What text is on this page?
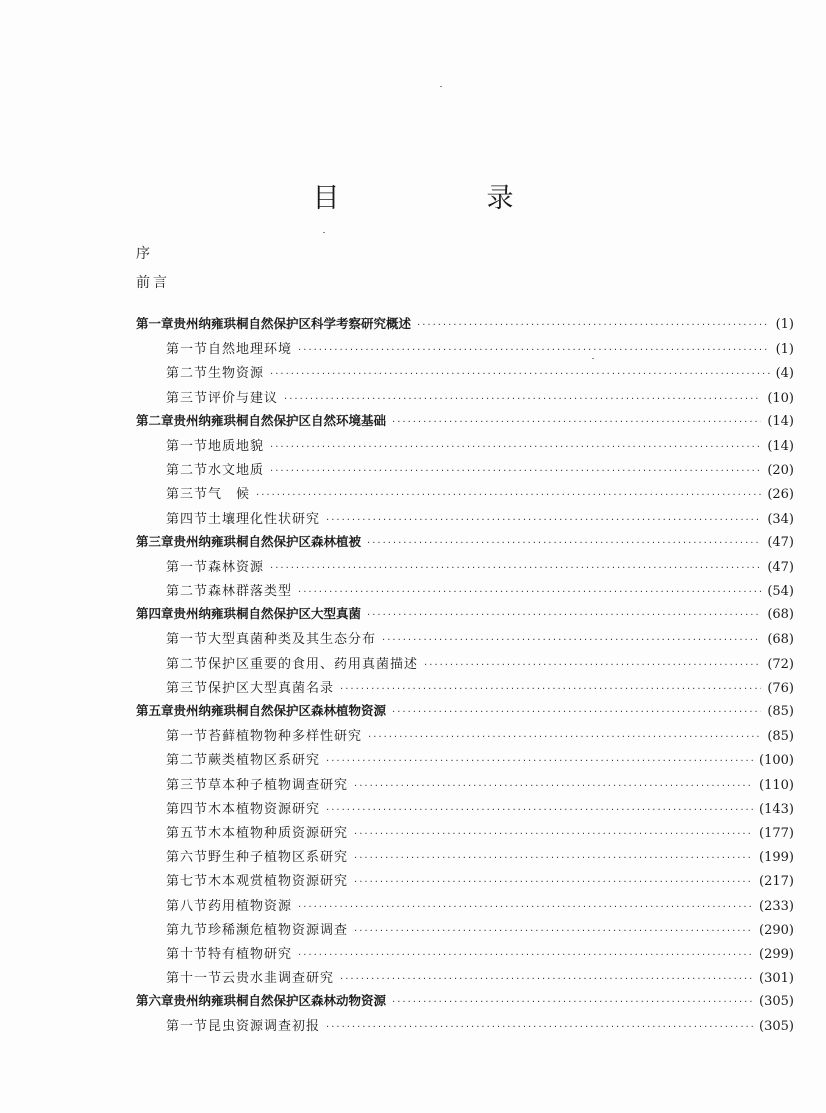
目　录
序
前言
第一章 贵州纳雍珙桐自然保护区科学考察研究概述 ·····	(1)
第一节 自然地理环境 ·····	(1)
第二节 生物资源 ·····	(4)
第三节 评价与建议 ·····	(10)
第二章 贵州纳雍珙桐自然保护区自然环境基础 ·····	(14)
第一节 地质地貌 ·····	(14)
第二节 水文地质 ·····	(20)
第三节 气　候 ·····	(26)
第四节 土壤理化性状研究 ·····	(34)
第三章 贵州纳雍珙桐自然保护区森林植被 ·····	(47)
第一节 森林资源 ·····	(47)
第二节 森林群落类型 ·····	(54)
第四章 贵州纳雍珙桐自然保护区大型真菌 ·····	(68)
第一节 大型真菌种类及其生态分布 ·····	(68)
第二节 保护区重要的食用、药用真菌描述 ·····	(72)
第三节 保护区大型真菌名录 ·····	(76)
第五章 贵州纳雍珙桐自然保护区森林植物资源 ·····	(85)
第一节 苔藓植物物种多样性研究 ·····	(85)
第二节 蕨类植物区系研究 ·····	(100)
第三节 草本种子植物调查研究 ·····	(110)
第四节 木本植物资源研究 ·····	(143)
第五节 木本植物种质资源研究 ·····	(177)
第六节 野生种子植物区系研究 ·····	(199)
第七节 木本观赏植物资源研究 ·····	(217)
第八节 药用植物资源 ·····	(233)
第九节 珍稀濒危植物资源调查 ·····	(290)
第十节 特有植物研究 ·····	(299)
第十一节 云贵水韭调查研究 ·····	(301)
第六章 贵州纳雍珙桐自然保护区森林动物资源 ·····	(305)
第一节 昆虫资源调查初报 ·····	(305)
